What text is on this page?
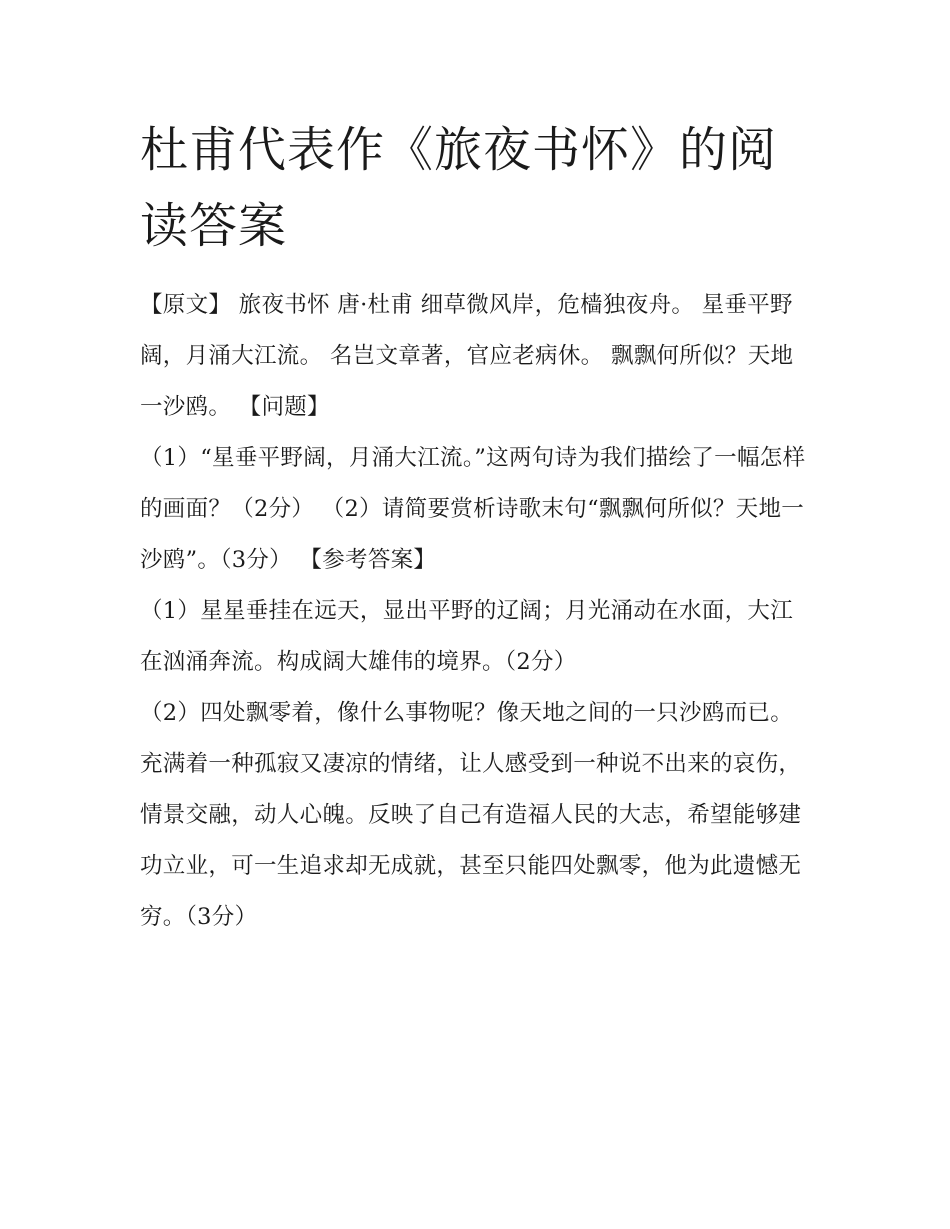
杜甫代表作《旅夜书怀》的阅读答案

【原文】 旅夜书怀 唐·杜甫 细草微风岸，危樯独夜舟。 星垂平野阔，月涌大江流。 名岂文章著，官应老病休。 飘飘何所似？天地一沙鸥。 【问题】

（1）“星垂平野阔，月涌大江流。”这两句诗为我们描绘了一幅怎样的画面？（2分） （2）请简要赏析诗歌末句“飘飘何所似？天地一沙鸥”。（3分） 【参考答案】

（1）星星垂挂在远天，显出平野的辽阔；月光涌动在水面，大江在汹涌奔流。构成阔大雄伟的境界。（2分）

（2）四处飘零着，像什么事物呢？像天地之间的一只沙鸥而已。充满着一种孤寂又凄凉的情绪，让人感受到一种说不出来的哀伤，情景交融，动人心魄。反映了自己有造福人民的大志，希望能够建功立业，可一生追求却无成就，甚至只能四处飘零，他为此遗憾无穷。（3分）
